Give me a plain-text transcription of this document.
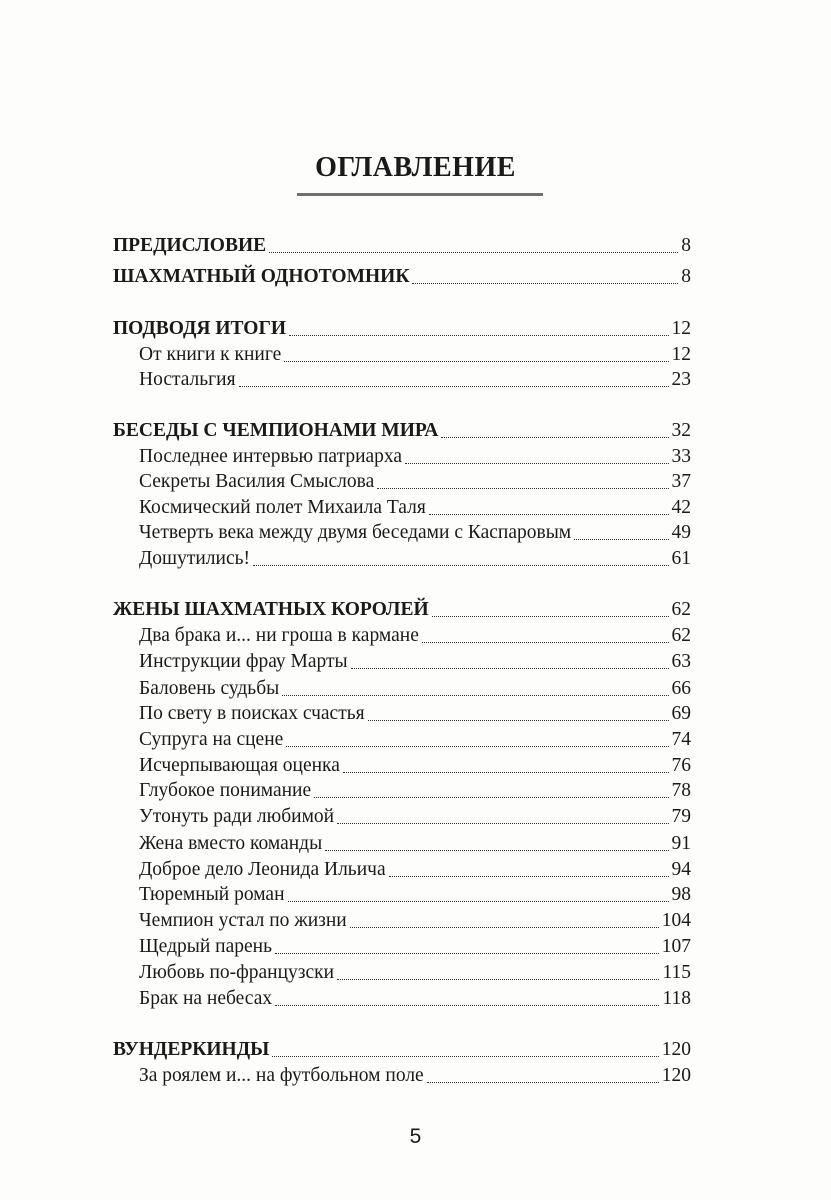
ОГЛАВЛЕНИЕ
ПРЕДИСЛОВИЕ	8
ШАХМАТНЫЙ ОДНОТОМНИК	8
ПОДВОДЯ ИТОГИ	12
От книги к книге	12
Ностальгия	23
БЕСЕДЫ С ЧЕМПИОНАМИ МИРА	32
Последнее интервью патриарха	33
Секреты Василия Смыслова	37
Космический полет Михаила Таля	42
Четверть века между двумя беседами с Каспаровым	49
Дошутились!	61
ЖЕНЫ ШАХМАТНЫХ КОРОЛЕЙ	62
Два брака и... ни гроша в кармане	62
Инструкции фрау Марты	63
Баловень судьбы	66
По свету в поисках счастья	69
Супруга на сцене	74
Исчерпывающая оценка	76
Глубокое понимание	78
Утонуть ради любимой	79
Жена вместо команды	91
Доброе дело Леонида Ильича	94
Тюремный роман	98
Чемпион устал по жизни	104
Щедрый парень	107
Любовь по-французски	115
Брак на небесах	118
ВУНДЕРКИНДЫ	120
За роялем и... на футбольном поле	120
5
